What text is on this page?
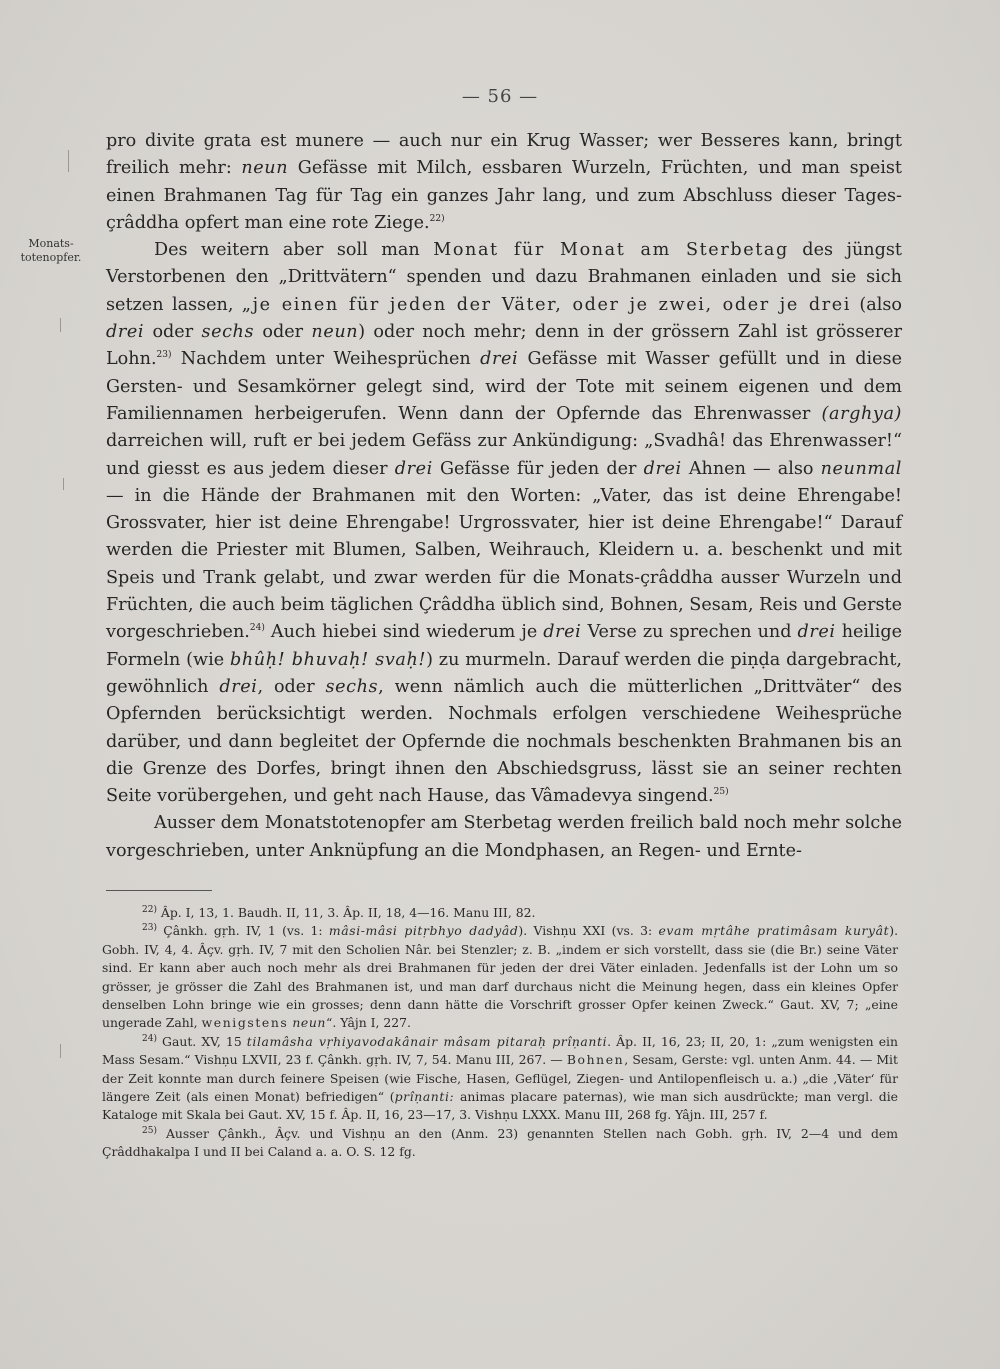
— 56 —
Monats-
totenopfer.

pro divite grata est munere — auch nur ein Krug Wasser; wer Besseres kann, bringt freilich mehr: neun Gefässe mit Milch, essbaren Wurzeln, Früchten, und man speist einen Brahmanen Tag für Tag ein ganzes Jahr lang, und zum Abschluss dieser Tages-çrâddha opfert man eine rote Ziege.$^{22)}$

Des weitern aber soll man Monat für Monat am Sterbetag des jüngst Verstorbenen den „Drittvätern“ spenden und dazu Brahmanen einladen und sie sich setzen lassen, „je einen für jeden der Väter, oder je zwei, oder je drei (also drei oder sechs oder neun) oder noch mehr; denn in der grössern Zahl ist grösserer Lohn.$^{23)}$ Nachdem unter Weihesprüchen drei Gefässe mit Wasser gefüllt und in diese Gersten- und Sesamkörner gelegt sind, wird der Tote mit seinem eigenen und dem Familiennamen herbeigerufen. Wenn dann der Opfernde das Ehrenwasser (arghya) darreichen will, ruft er bei jedem Gefäss zur Ankündigung: „Svadhâ! das Ehrenwasser!“ und giesst es aus jedem dieser drei Gefässe für jeden der drei Ahnen — also neunmal — in die Hände der Brahmanen mit den Worten: „Vater, das ist deine Ehrengabe! Grossvater, hier ist deine Ehrengabe! Urgrossvater, hier ist deine Ehrengabe!“ Darauf werden die Priester mit Blumen, Salben, Weihrauch, Kleidern u. a. beschenkt und mit Speis und Trank gelabt, und zwar werden für die Monats-çrâddha ausser Wurzeln und Früchten, die auch beim täglichen Çrâddha üblich sind, Bohnen, Sesam, Reis und Gerste vorgeschrieben.$^{24)}$ Auch hiebei sind wiederum je drei Verse zu sprechen und drei heilige Formeln (wie bhûḥ! bhuvaḥ! svaḥ!) zu murmeln. Darauf werden die piṇḍa dargebracht, gewöhnlich drei, oder sechs, wenn nämlich auch die mütterlichen „Drittväter“ des Opfernden berücksichtigt werden. Nochmals erfolgen verschiedene Weihesprüche darüber, und dann begleitet der Opfernde die nochmals beschenkten Brahmanen bis an die Grenze des Dorfes, bringt ihnen den Abschiedsgruss, lässt sie an seiner rechten Seite vorübergehen, und geht nach Hause, das Vâmadevya singend.$^{25)}$

Ausser dem Monatstotenopfer am Sterbetag werden freilich bald noch mehr solche vorgeschrieben, unter Anknüpfung an die Mondphasen, an Regen- und Ernte-

$^{22)}$ Âp. I, 13, 1. Baudh. II, 11, 3. Âp. II, 18, 4—16. Manu III, 82.

$^{23)}$ Çânkh. gṛh. IV, 1 (vs. 1: mâsi-mâsi pitṛbhyo dadyâd). Vishṇu XXI (vs. 3: evam mṛtâhe pratimâsam kuryât). Gobh. IV, 4, 4. Âçv. gṛh. IV, 7 mit den Scholien Nâr. bei Stenzler; z. B. „indem er sich vorstellt, dass sie (die Br.) seine Väter sind. Er kann aber auch noch mehr als drei Brahmanen für jeden der drei Väter einladen. Jedenfalls ist der Lohn um so grösser, je grösser die Zahl des Brahmanen ist, und man darf durchaus nicht die Meinung hegen, dass ein kleines Opfer denselben Lohn bringe wie ein grosses; denn dann hätte die Vorschrift grosser Opfer keinen Zweck.“ Gaut. XV, 7; „eine ungerade Zahl, wenigstens neun“. Yâjn I, 227.

$^{24)}$ Gaut. XV, 15 tilamâsha vṛhiyavodakânair mâsam pitaraḥ prîṇanti. Âp. II, 16, 23; II, 20, 1: „zum wenigsten ein Mass Sesam.“ Vishṇu LXVII, 23 f. Çânkh. gṛh. IV, 7, 54. Manu III, 267. — Bohnen, Sesam, Gerste: vgl. unten Anm. 44. — Mit der Zeit konnte man durch feinere Speisen (wie Fische, Hasen, Geflügel, Ziegen- und Antilopenfleisch u. a.) „die ‚Väter‘ für längere Zeit (als einen Monat) befriedigen“ (prîṇanti: animas placare paternas), wie man sich ausdrückte; man vergl. die Kataloge mit Skala bei Gaut. XV, 15 f. Âp. II, 16, 23—17, 3. Vishṇu LXXX. Manu III, 268 fg. Yâjn. III, 257 f.

$^{25)}$ Ausser Çânkh., Âçv. und Vishṇu an den (Anm. 23) genannten Stellen nach Gobh. gṛh. IV, 2—4 und dem Çrâddhakalpa I und II bei Caland a. a. O. S. 12 fg.
